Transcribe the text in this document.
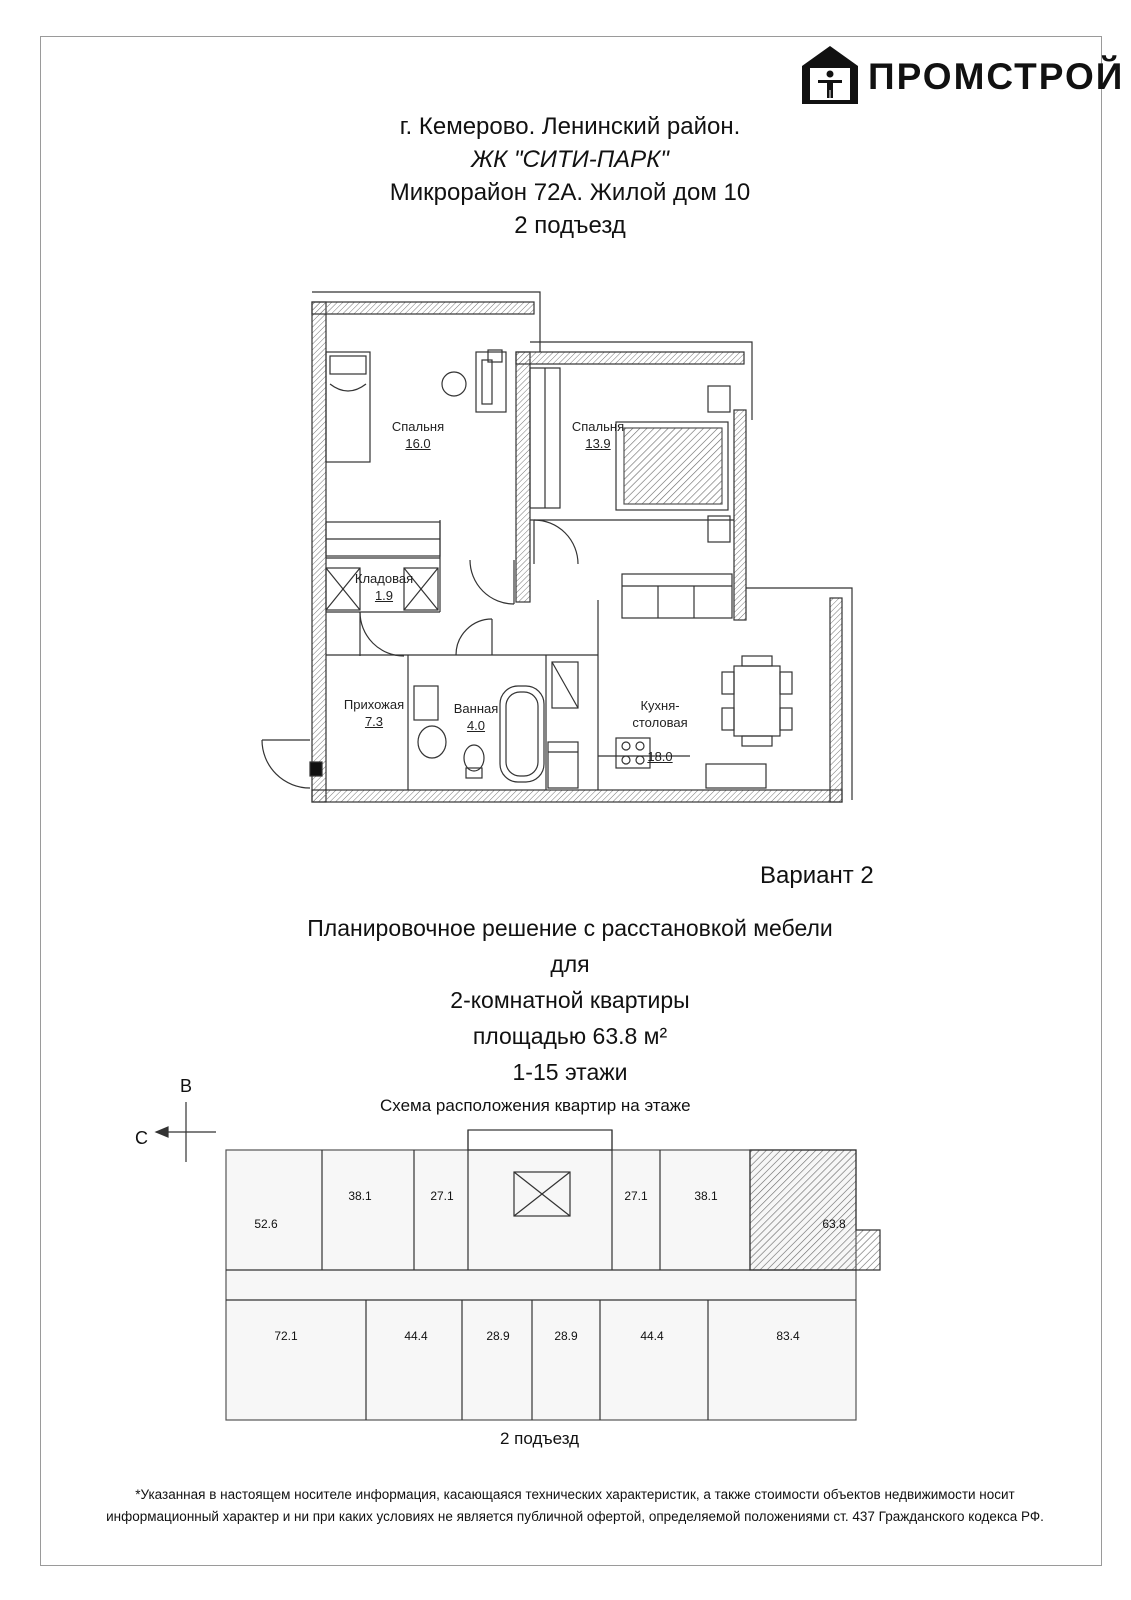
ПРОМСТРОЙ
г. Кемерово. Ленинский район.
ЖК "СИТИ-ПАРК"
Микрорайон 72А. Жилой дом 10
2 подъезд
Спальня
16.0
Спальня
13.9
Кладовая
1.9
Прихожая
7.3
Ванная
4.0

Кухня-
столовая

18.0

Вариант 2
Планировочное решение с расстановкой мебели для
2-комнатной квартиры
площадью 63.8 м²
1-15 этажи
Схема расположения квартир на этаже
В
С
52.6
38.1	27.1	27.1	38.1
63.8
72.1	44.4	28.9	28.9	44.4	83.4
2 подъезд
*Указанная в настоящем носителе информация, касающаяся технических характеристик, а также стоимости объектов недвижимости носит
информационный характер и ни при каких условиях не является публичной офертой, определяемой положениями ст. 437 Гражданского кодекса РФ.
